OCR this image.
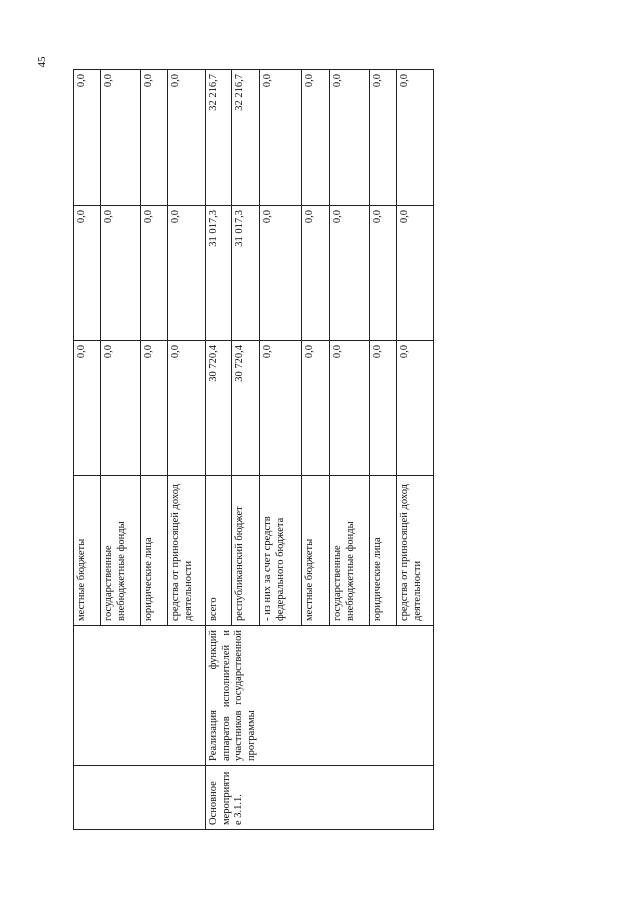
45
		местные бюджеты	0,0	0,0	0,0
		государственные внебюджетные фонды	0,0	0,0	0,0
		юридические лица	0,0	0,0	0,0
		средства от приносящей доход деятельности	0,0	0,0	0,0
Основное мероприятие 3.1.1.	Реализация функций аппаратов исполнителей и участников государственной программы	всего	30 720,4	31 017,3	32 216,7
		республиканский бюджет	30 720,4	31 017,3	32 216,7
		- из них за счет средств федерального бюджета	0,0	0,0	0,0
		местные бюджеты	0,0	0,0	0,0
		государственные внебюджетные фонды	0,0	0,0	0,0
		юридические лица	0,0	0,0	0,0
		средства от приносящей доход деятельности	0,0	0,0	0,0
